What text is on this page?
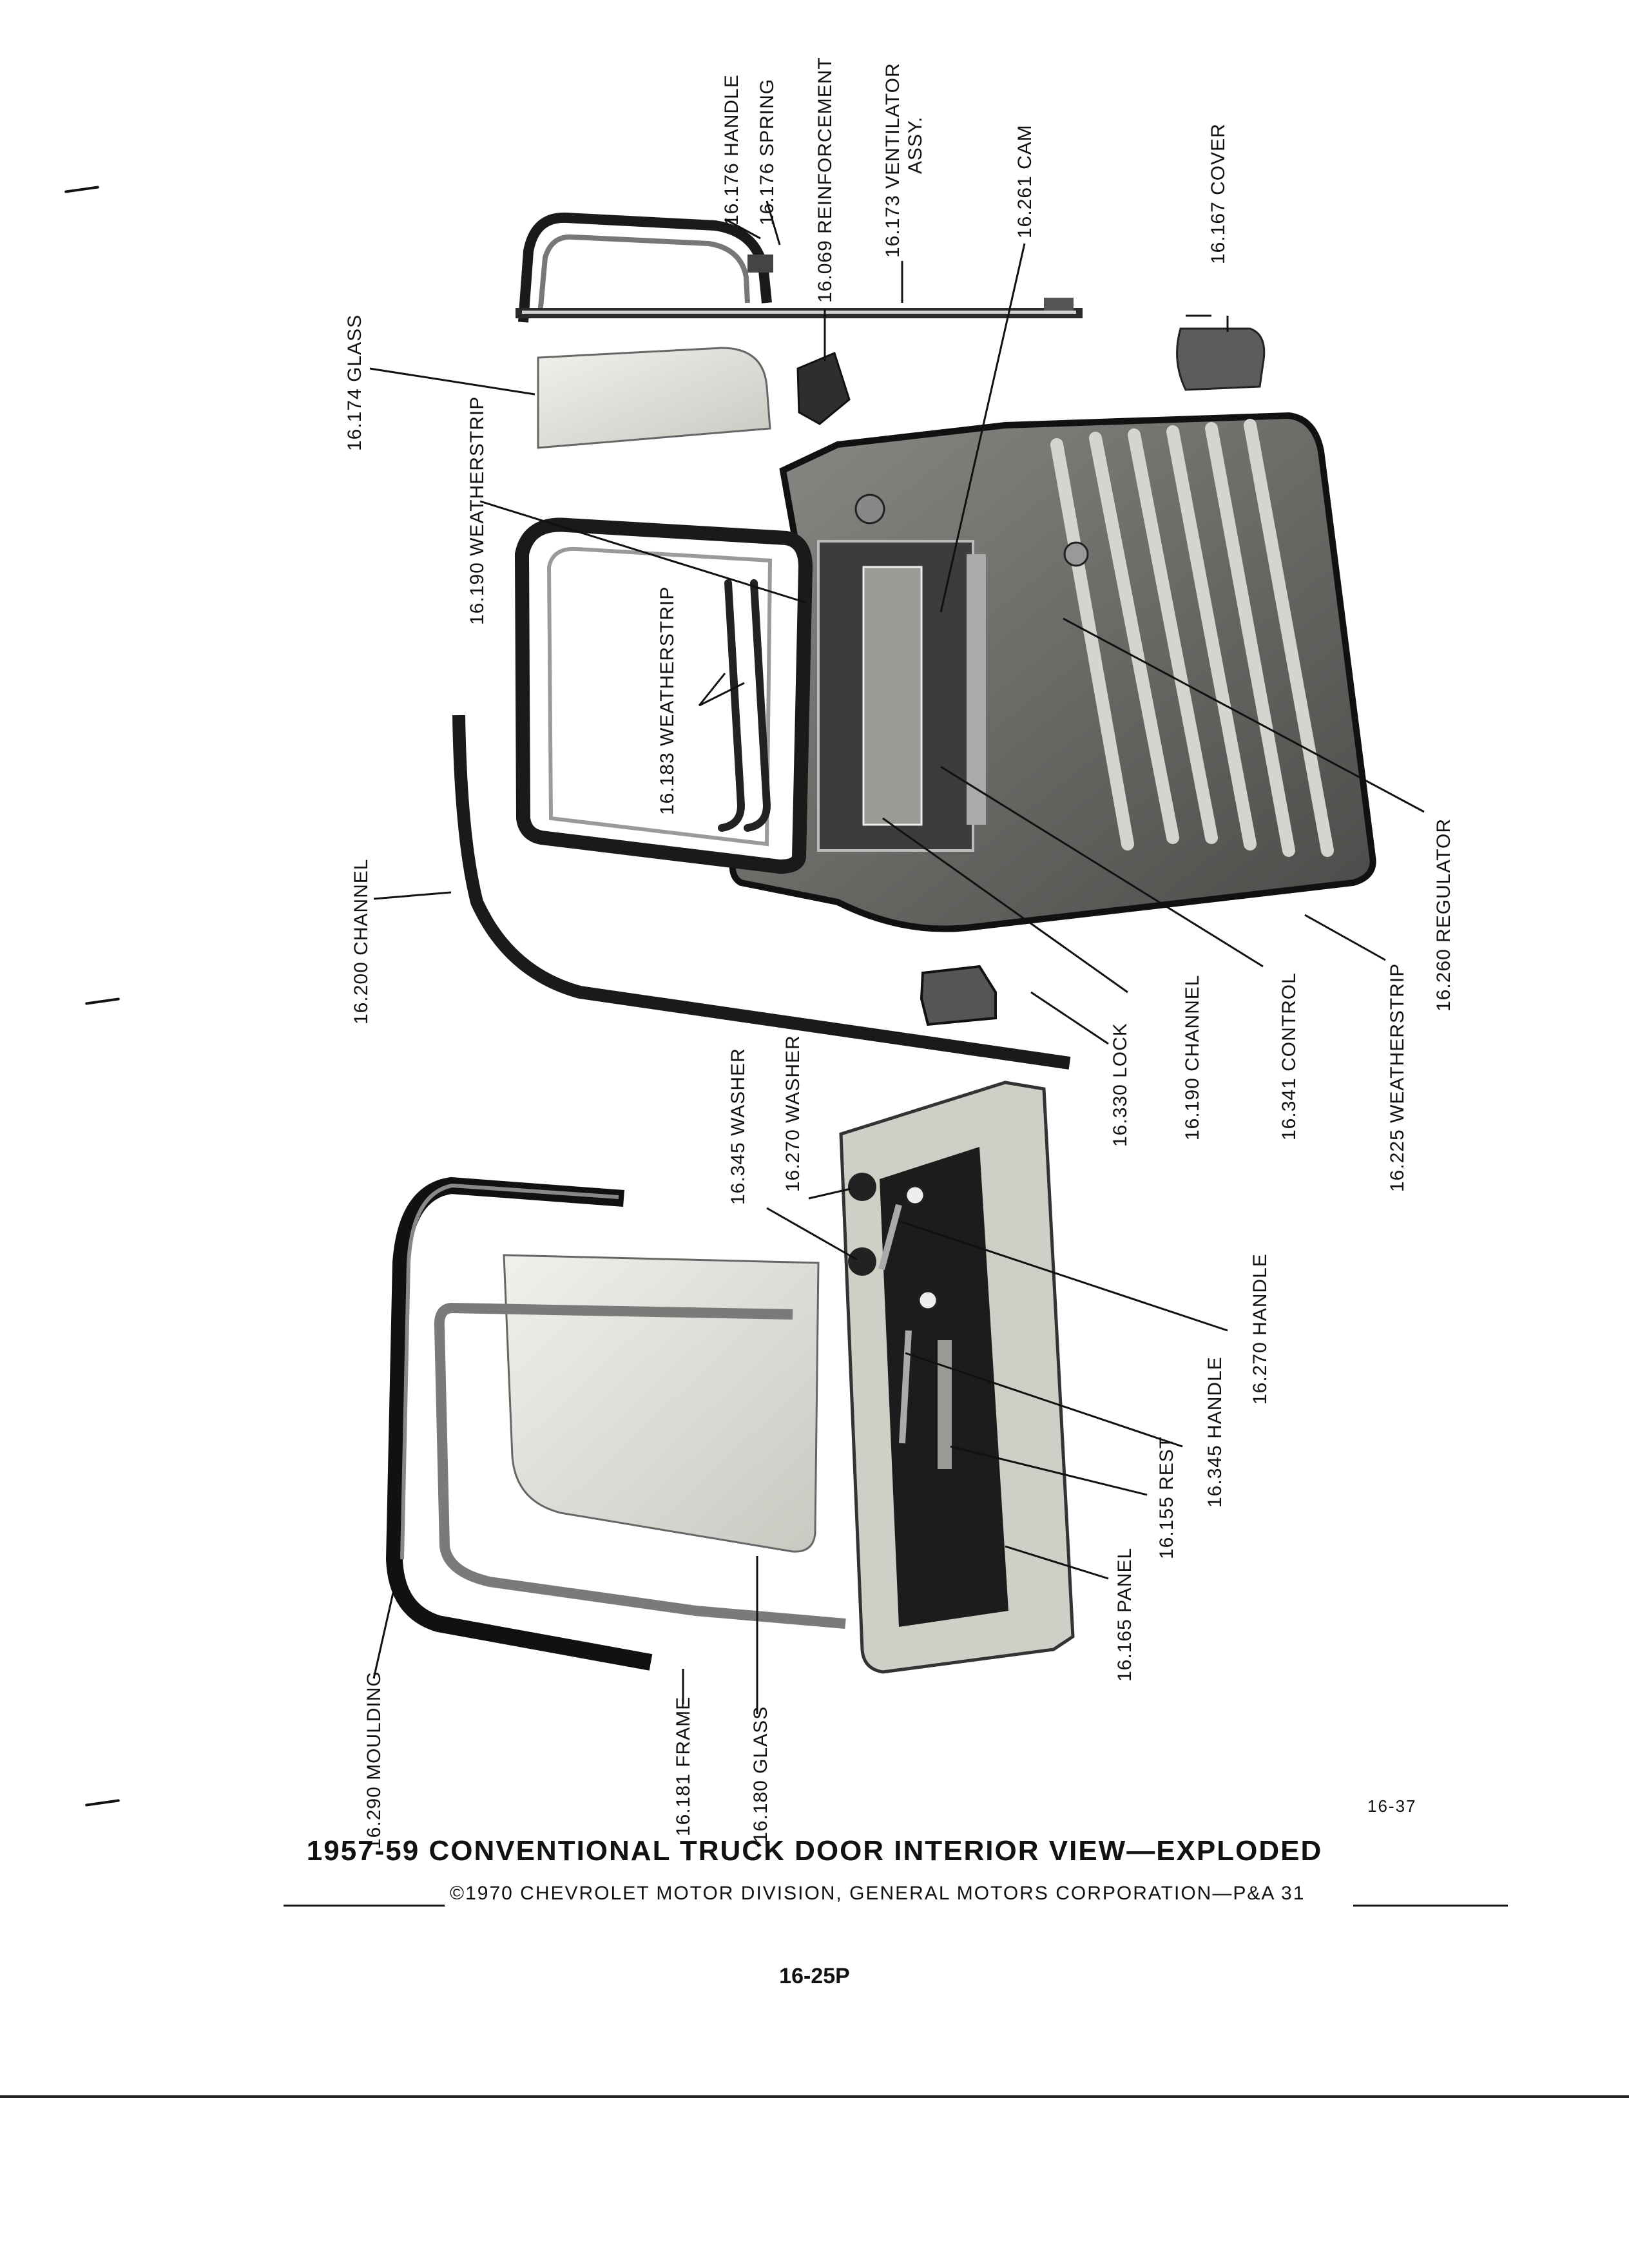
16.176 HANDLE 16.176 SPRING 16.069 REINFORCEMENT 16.173 VENTILATOR ASSY.	16.261 CAM	16.167 COVER
16.174 GLASS
16.190 WEATHERSTRIP
16.183 WEATHERSTRIP
16.200 CHANNEL	16.260 REGULATOR
16.225 WEATHERSTRIP
16.341 CONTROL
16.190 CHANNEL
16.330 LOCK
16.345 WASHER 16.270 WASHER
16.270 HANDLE
16.345 HANDLE
16.155 REST
16.165 PANEL
16.290 MOULDING	16.181 FRAME	16.180 GLASS	16-37
1957-59 CONVENTIONAL TRUCK DOOR INTERIOR VIEW—EXPLODED
©1970 CHEVROLET MOTOR DIVISION, GENERAL MOTORS CORPORATION—P&A 31
16-25P
